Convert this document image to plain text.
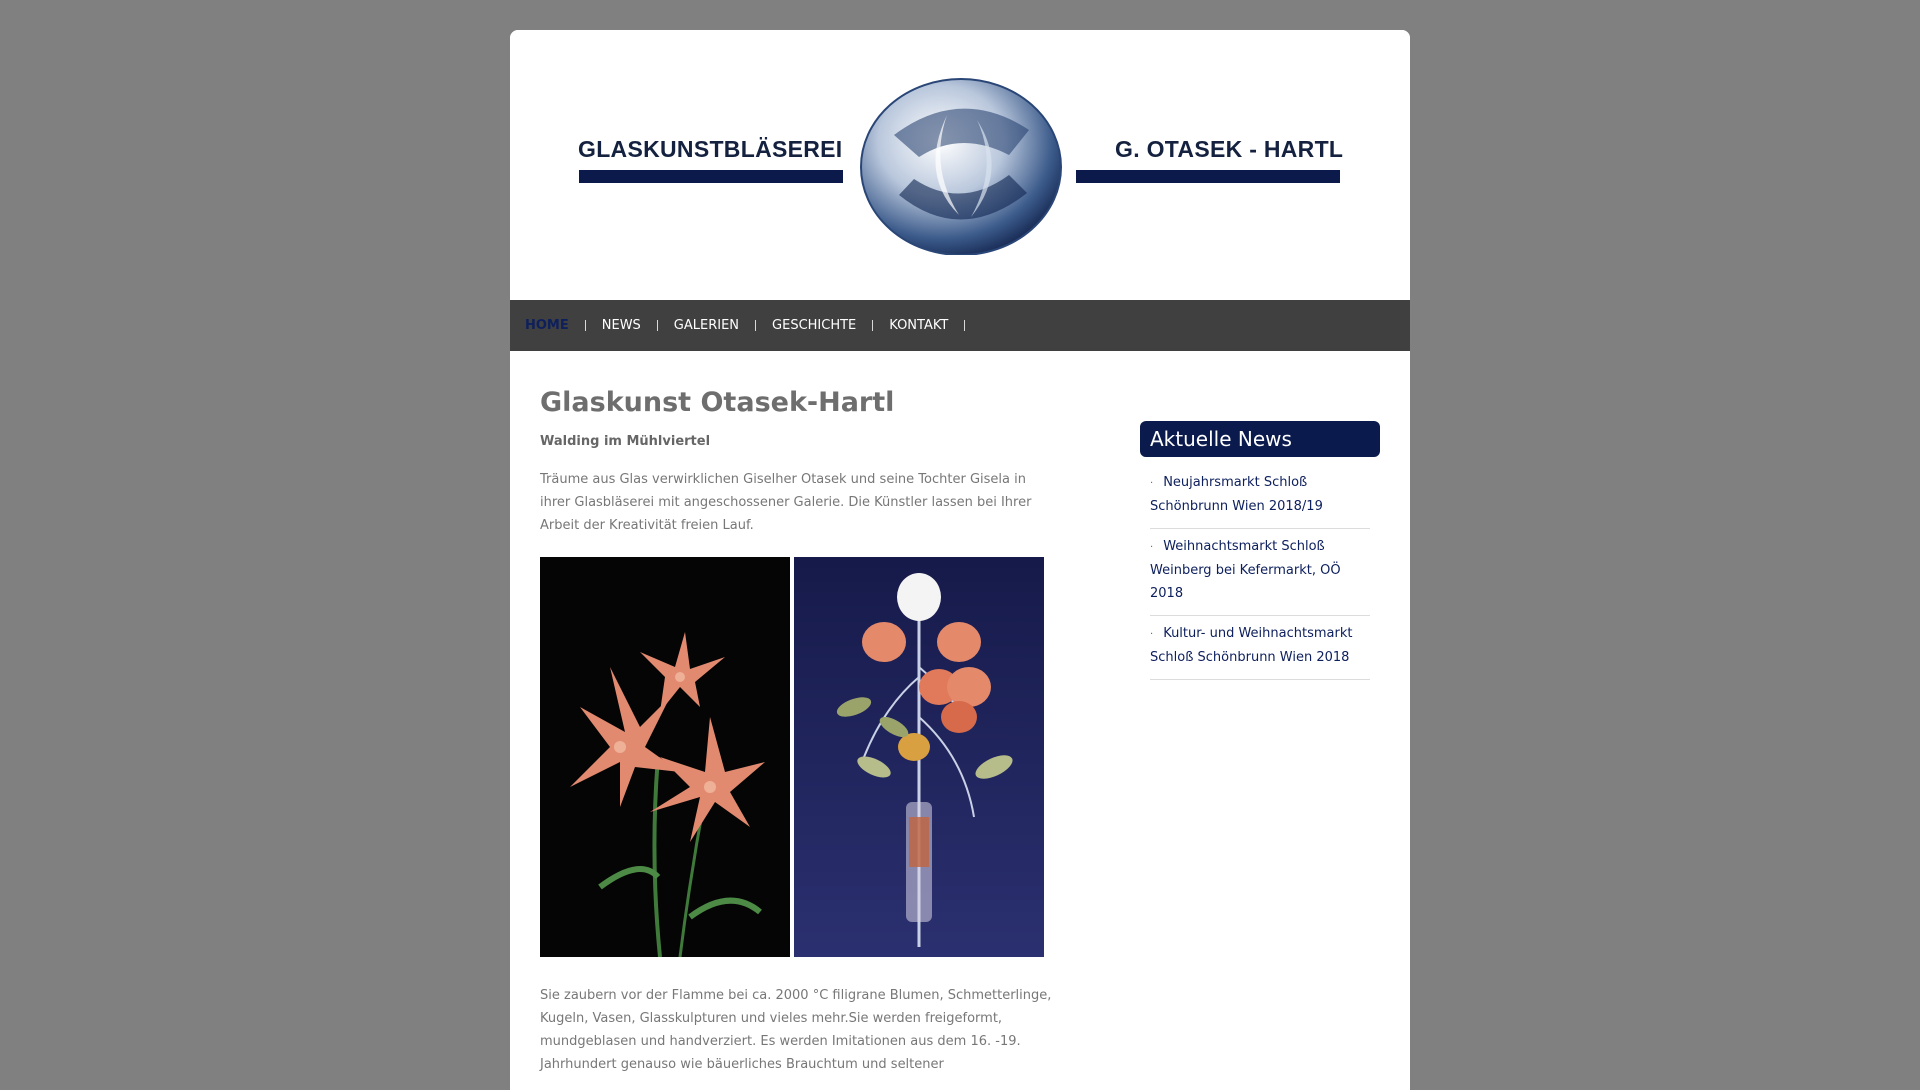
GLASKUNSTBLÄSEREI	G. OTASEK - HARTL
HOME	NEWS	GALERIEN	GESCHICHTE	KONTAKT
Glaskunst Otasek-Hartl

Walding im Mühlviertel

Träume aus Glas verwirklichen Giselher Otasek und seine Tochter Gisela in ihrer Glasbläserei mit angeschossener Galerie. Die Künstler lassen bei Ihrer Arbeit der Kreativität freien Lauf.

Sie zaubern vor der Flamme bei ca. 2000 °C filigrane Blumen, Schmetterlinge, Kugeln, Vasen, Glasskulpturen und vieles mehr.Sie werden freigeformt, mundgeblasen und handverziert. Es werden Imitationen aus dem 16. -19. Jahrhundert genauso wie bäuerliches Brauchtum und seltener

Aktuelle News
· Neujahrsmarkt Schloß Schönbrunn Wien 2018/19
· Weihnachtsmarkt Schloß Weinberg bei Kefermarkt, OÖ 2018
· Kultur- und Weihnachtsmarkt Schloß Schönbrunn Wien 2018
